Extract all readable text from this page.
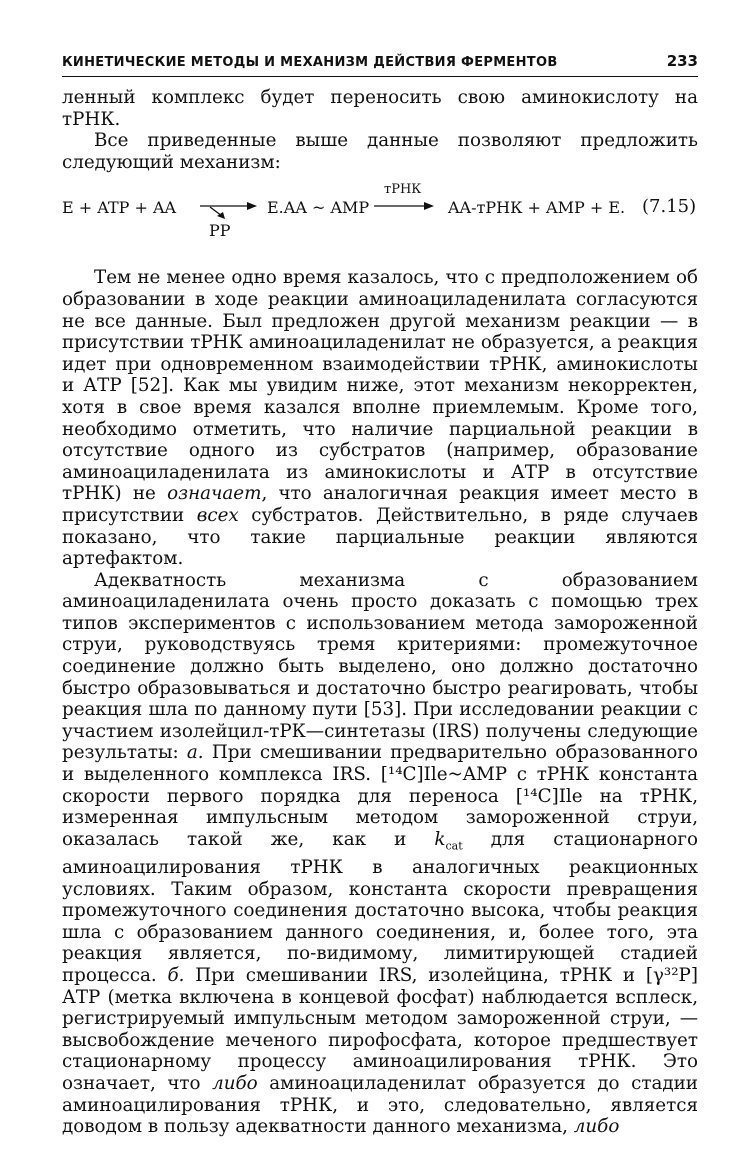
КИНЕТИЧЕСКИЕ МЕТОДЫ И МЕХАНИЗМ ДЕЙСТВИЯ ФЕРМЕНТОВ	233

ленный комплекс будет переносить свою аминокислоту на тРНК.

Все приведенные выше данные позволяют предложить следующий механизм:

E + ATP + AA
PP
E.AA ~ AMP
тРНК
AA-тРНК + AMP + E. (7.15)

Тем не менее одно время казалось, что с предположением об образовании в ходе реакции аминоациладенилата согласуются не все данные. Был предложен другой механизм реакции — в присутствии тРНК аминоациладенилат не образуется, а реакция идет при одновременном взаимодействии тРНК, аминокислоты и АТР [52]. Как мы увидим ниже, этот механизм некорректен, хотя в свое время казался вполне приемлемым. Кроме того, необходимо отметить, что наличие парциальной реакции в отсутствие одного из субстратов (например, образование аминоациладенилата из аминокислоты и АТР в отсутствие тРНК) не означает, что аналогичная реакция имеет место в присутствии всех субстратов. Действительно, в ряде случаев показано, что такие парциальные реакции являются артефактом.

Адекватность механизма с образованием аминоациладенилата очень просто доказать с помощью трех типов экспериментов с использованием метода замороженной струи, руководствуясь тремя критериями: промежуточное соединение должно быть выделено, оно должно достаточно быстро образовываться и достаточно быстро реагировать, чтобы реакция шла по данному пути [53]. При исследовании реакции с участием изолейцил-тРК—синтетазы (IRS) получены следующие результаты: а. При смешивании предварительно образованного и выделенного комплекса IRS. [¹⁴C]Ile~AMP с тРНК константа скорости первого порядка для переноса [¹⁴C]Ile на тРНК, измеренная импульсным методом замороженной струи, оказалась такой же, как и $k_{cat}$ для стационарного аминоацилирования тРНК в аналогичных реакционных условиях. Таким образом, константа скорости превращения промежуточного соединения достаточно высока, чтобы реакция шла с образованием данного соединения, и, более того, эта реакция является, по-видимому, лимитирующей стадией процесса. б. При смешивании IRS, изолейцина, тРНК и [γ³²P] АТР (метка включена в концевой фосфат) наблюдается всплеск, регистрируемый импульсным методом замороженной струи, — высвобождение меченого пирофосфата, которое предшествует стационарному процессу аминоацилирования тРНК. Это означает, что либо аминоациладенилат образуется до стадии аминоацилирования тРНК, и это, следовательно, является доводом в пользу адекватности данного механизма, либо
